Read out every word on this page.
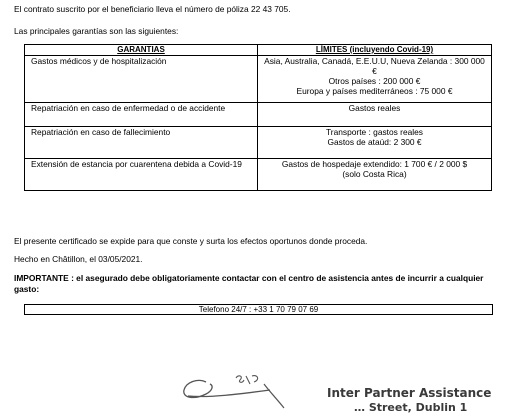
El contrato suscrito por el beneficiario lleva el número de póliza 22 43 705.
Las principales garantías son las siguientes:
GARANTIAS	LÍMITES (incluyendo Covid-19)
Gastos médicos y de hospitalización	Asia, Australia, Canadá, E.E.U.U, Nueva Zelanda : 300 000 €
Otros países : 200 000 €
Europa y países mediterráneos : 75 000 €

Repatriación en caso de enfermedad o de accidente	Gastos reales

Repatriación en caso de fallecimiento	Transporte : gastos reales
Gastos de ataúd: 2 300 €

Extensión de estancia por cuarentena debida a Covid-19	Gastos de hospedaje extendido: 1 700 € / 2 000 $
(solo Costa Rica)
El presente certificado se expide para que conste y surta los efectos oportunos donde proceda.
Hecho en Châtillon, el 03/05/2021.
IMPORTANTE : el asegurado debe obligatoriamente contactar con el centro de asistencia antes de incurrir a cualquier
gasto:
Telefono 24/7 : +33 1 70 79 07 69
Inter Partner Assistance
… Street, Dublin 1
